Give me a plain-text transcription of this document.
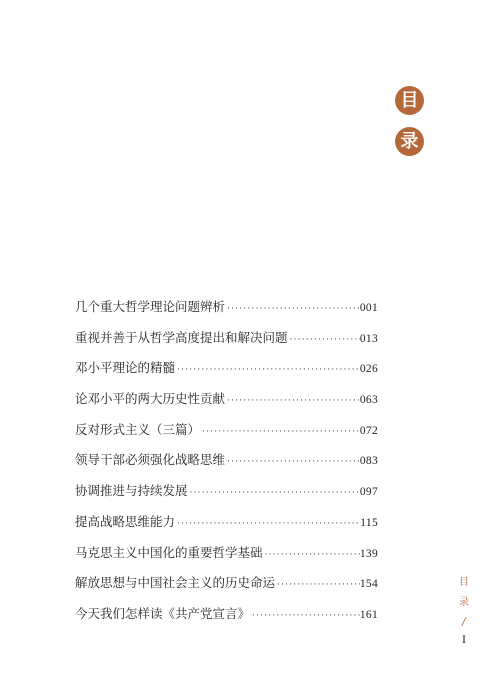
目
录
几个重大哲学理论问题辨析 ·····	001
重视并善于从哲学高度提出和解决问题 ·····	013
邓小平理论的精髓 ·····	026
论邓小平的两大历史性贡献 ·····	063
反对形式主义（三篇） ·····	072
领导干部必须强化战略思维 ·····	083
协调推进与持续发展 ·····	097
提高战略思维能力 ·····	115
马克思主义中国化的重要哲学基础 ·····	139
解放思想与中国社会主义的历史命运 ·····	154
今天我们怎样读《共产党宣言》 ·····	161
目
录
/
I
